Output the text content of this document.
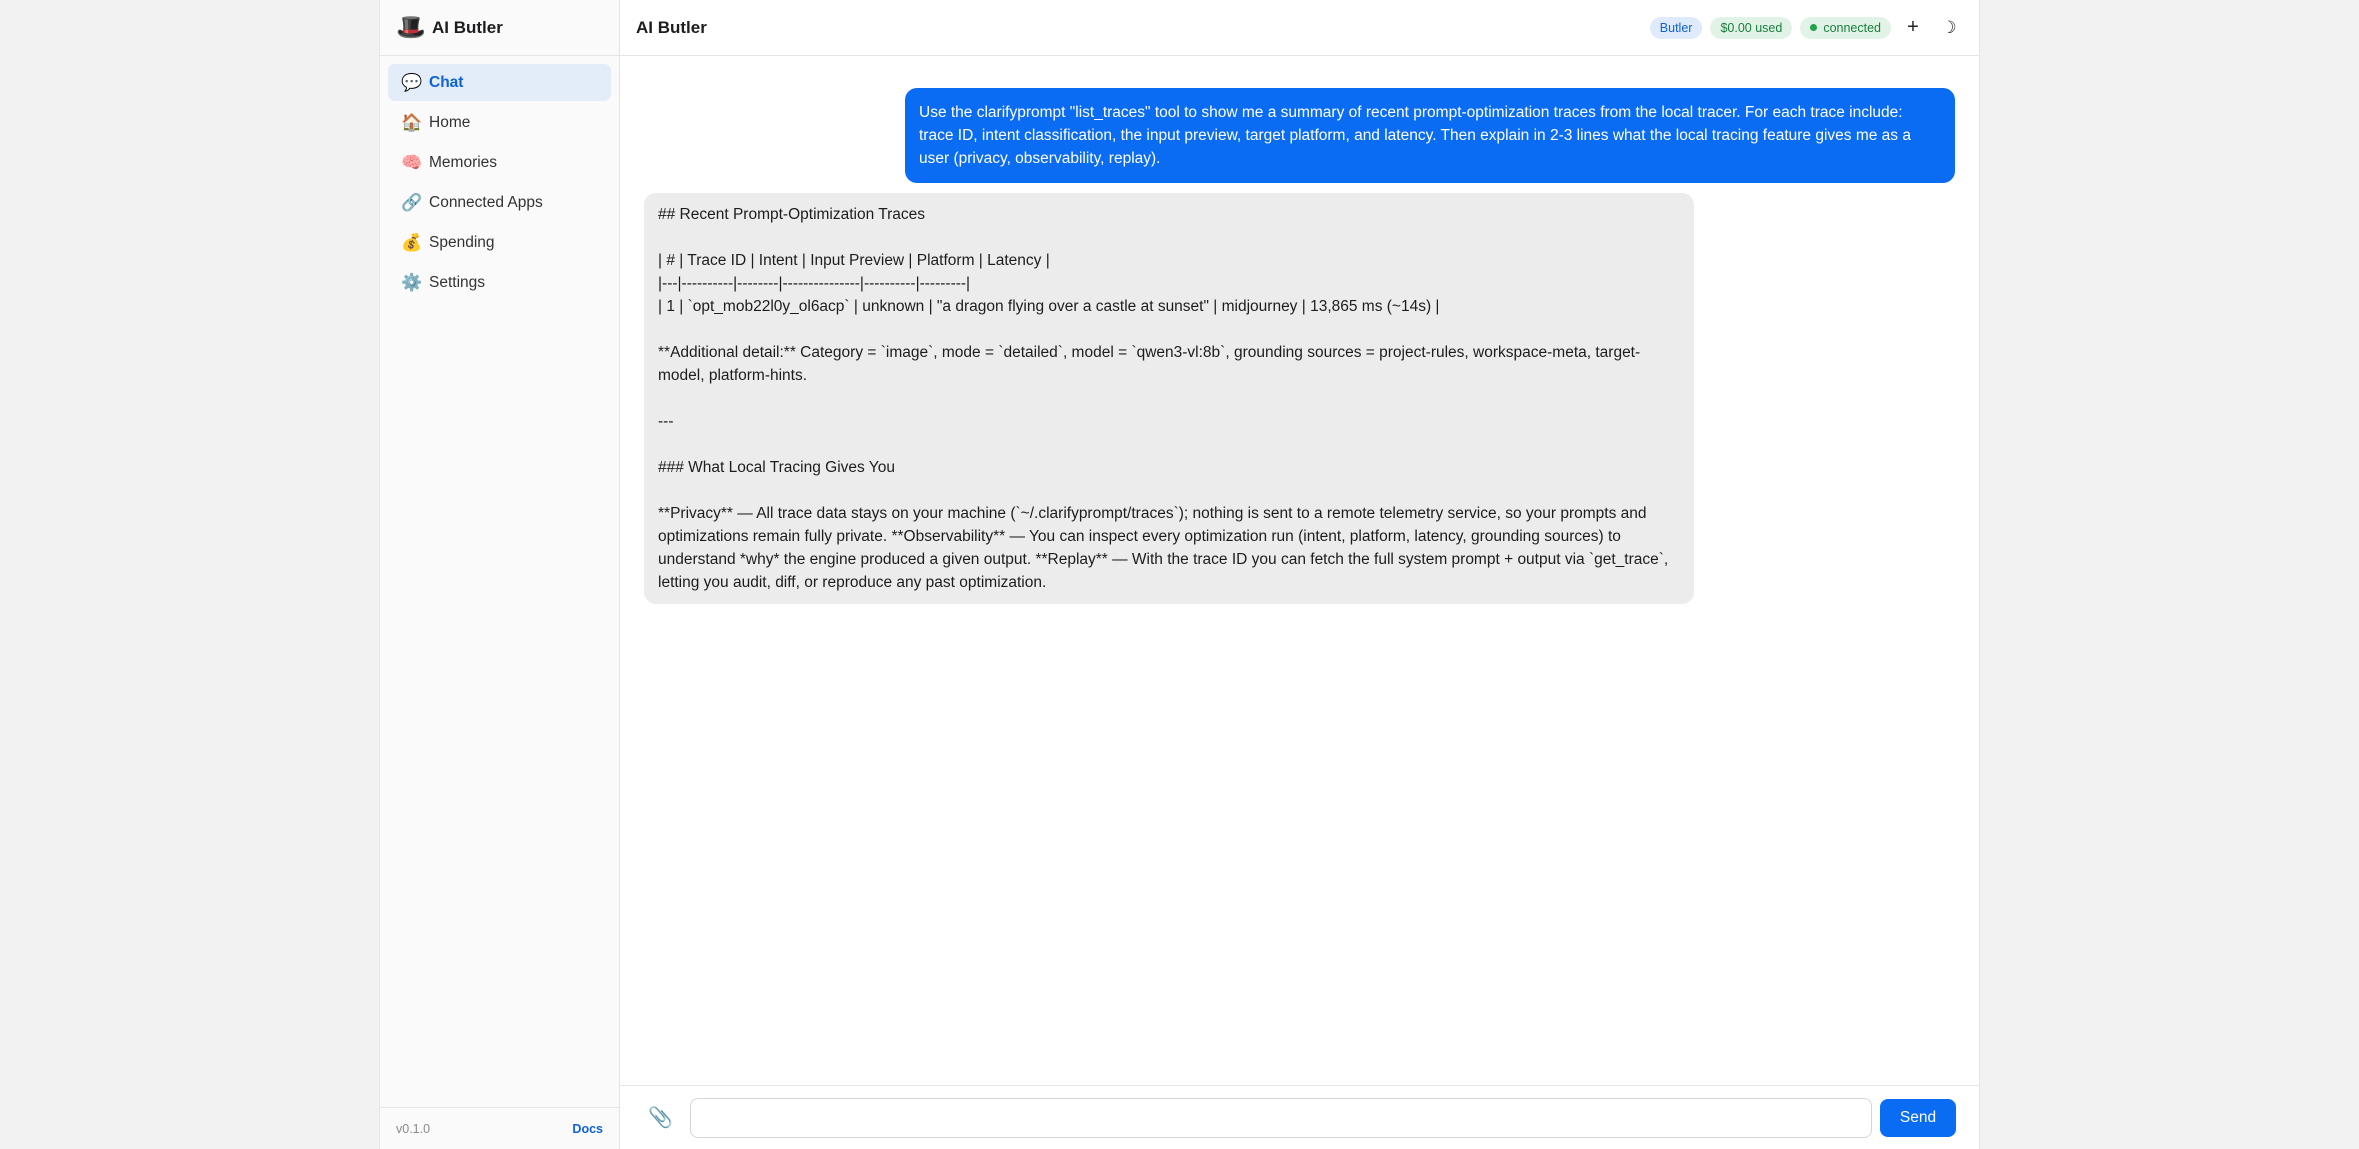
🎩 AI Butler
💬 Chat
🏠 Home
🧠 Memories
🔗 Connected Apps
💰 Spending
⚙️ Settings
v0.1.0	Docs
AI Butler	Butler	$0.00 used	connected	+	☽
Use the clarifyprompt "list_traces" tool to show me a summary of recent prompt-optimization traces from the local tracer. For each trace include: trace ID, intent classification, the input preview, target platform, and latency. Then explain in 2-3 lines what the local tracing feature gives me as a user (privacy, observability, replay).
## Recent Prompt-Optimization Traces
| # | Trace ID | Intent | Input Preview | Platform | Latency |
|---|----------|--------|---------------|----------|---------|
| 1 | `opt_mob22l0y_ol6acp` | unknown | "a dragon flying over a castle at sunset" | midjourney | 13,865 ms (~14s) |
**Additional detail:** Category = `image`, mode = `detailed`, model = `qwen3-vl:8b`, grounding sources = project-rules, workspace-meta, target-model, platform-hints.
---
### What Local Tracing Gives You
**Privacy** — All trace data stays on your machine (`~/.clarifyprompt/traces`); nothing is sent to a remote telemetry service, so your prompts and optimizations remain fully private. **Observability** — You can inspect every optimization run (intent, platform, latency, grounding sources) to understand *why* the engine produced a given output. **Replay** — With the trace ID you can fetch the full system prompt + output via `get_trace`, letting you audit, diff, or reproduce any past optimization.
📎	Send
